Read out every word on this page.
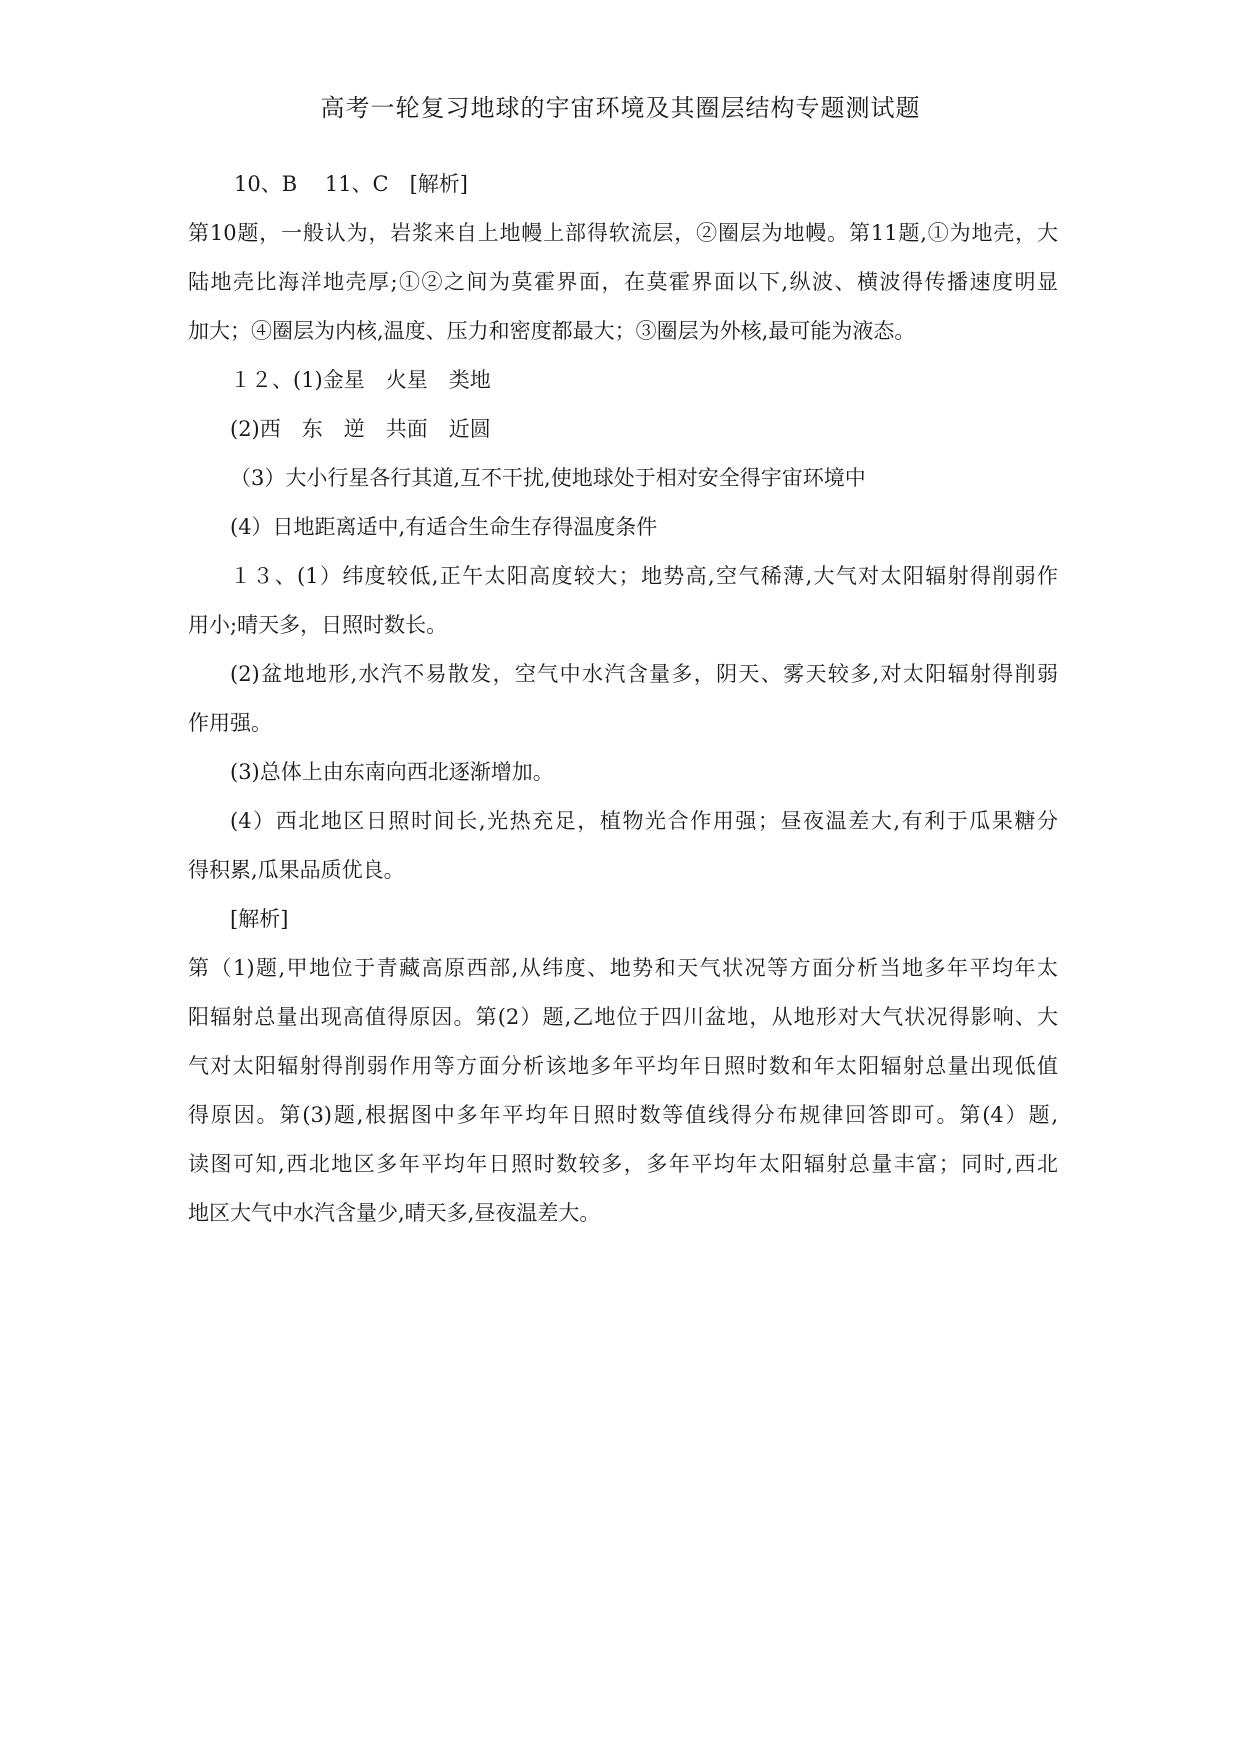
高考一轮复习地球的宇宙环境及其圈层结构专题测试题
10、B　 11、C　[解析]
第10题，一般认为，岩浆来自上地幔上部得软流层，②圈层为地幔。第11题,①为地壳，大
陆地壳比海洋地壳厚;①②之间为莫霍界面，在莫霍界面以下,纵波、横波得传播速度明显
加大；④圈层为内核,温度、压力和密度都最大；③圈层为外核,最可能为液态。
１２、(1)金星　火星　类地
(2)西　东　逆　共面　近圆
（3）大小行星各行其道,互不干扰,使地球处于相对安全得宇宙环境中
(4）日地距离适中,有适合生命生存得温度条件
１３、(1）纬度较低,正午太阳高度较大；地势高,空气稀薄,大气对太阳辐射得削弱作
用小;晴天多，日照时数长。
(2)盆地地形,水汽不易散发，空气中水汽含量多，阴天、雾天较多,对太阳辐射得削弱
作用强。
(3)总体上由东南向西北逐渐增加。
(4）西北地区日照时间长,光热充足，植物光合作用强；昼夜温差大,有利于瓜果糖分
得积累,瓜果品质优良。
[解析]
第（1)题,甲地位于青藏高原西部,从纬度、地势和天气状况等方面分析当地多年平均年太
阳辐射总量出现高值得原因。第(2）题,乙地位于四川盆地，从地形对大气状况得影响、大
气对太阳辐射得削弱作用等方面分析该地多年平均年日照时数和年太阳辐射总量出现低值
得原因。第(3)题,根据图中多年平均年日照时数等值线得分布规律回答即可。第(4）题,
读图可知,西北地区多年平均年日照时数较多，多年平均年太阳辐射总量丰富；同时,西北
地区大气中水汽含量少,晴天多,昼夜温差大。
